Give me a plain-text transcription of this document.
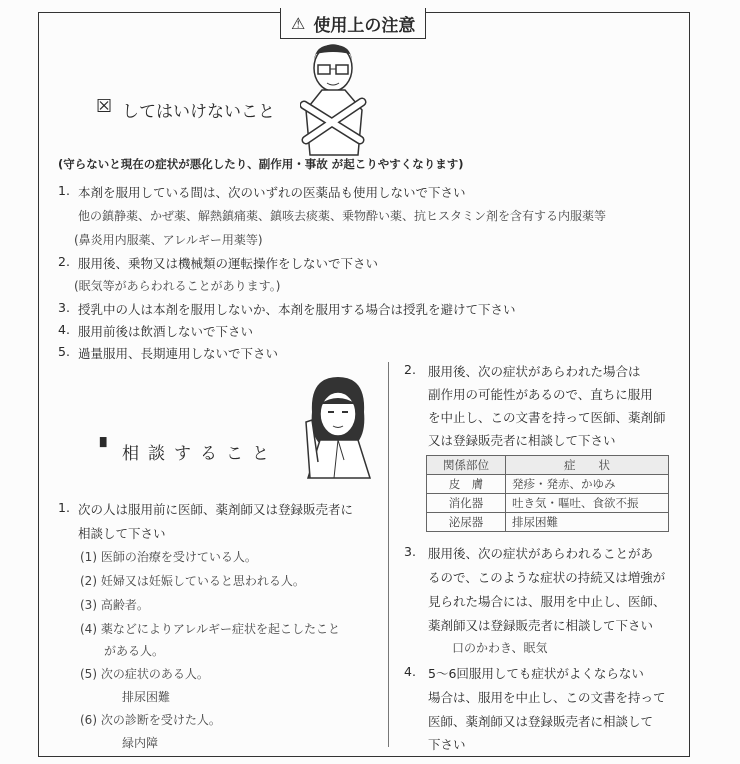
⚠ 使用上の注意
☒ してはいけないこと
(守らないと現在の症状が悪化したり、副作用・事故 が起こりやすくなります)
1. 本剤を服用している間は、次のいずれの医薬品も使用しないで下さい
他の鎮静薬、かぜ薬、解熱鎮痛薬、鎮咳去痰薬、乗物酔い薬、抗ヒスタミン剤を含有する内服薬等
(鼻炎用内服薬、アレルギー用薬等)
2. 服用後、乗物又は機械類の運転操作をしないで下さい
(眠気等があらわれることがあります。)
3. 授乳中の人は本剤を服用しないか、本剤を服用する場合は授乳を避けて下さい
4. 服用前後は飲酒しないで下さい
5. 過量服用、長期連用しないで下さい
▘ 相談すること
1. 次の人は服用前に医師、薬剤師又は登録販売者に
相談して下さい
(1) 医師の治療を受けている人。
(2) 妊婦又は妊娠していると思われる人。
(3) 高齢者。
(4) 薬などによりアレルギー症状を起こしたこと
がある人。
(5) 次の症状のある人。
排尿困難
(6) 次の診断を受けた人。
緑内障
2. 服用後、次の症状があらわれた場合は
副作用の可能性があるので、直ちに服用
を中止し、この文書を持って医師、薬剤師
又は登録販売者に相談して下さい
関係部位	症　　状
皮　膚	発疹・発赤、かゆみ
消化器	吐き気・嘔吐、食欲不振
泌尿器	排尿困難
3. 服用後、次の症状があらわれることがあ
るので、このような症状の持続又は増強が
見られた場合には、服用を中止し、医師、
薬剤師又は登録販売者に相談して下さい
口のかわき、眠気
4. 5〜6回服用しても症状がよくならない
場合は、服用を中止し、この文書を持って
医師、薬剤師又は登録販売者に相談して
下さい
